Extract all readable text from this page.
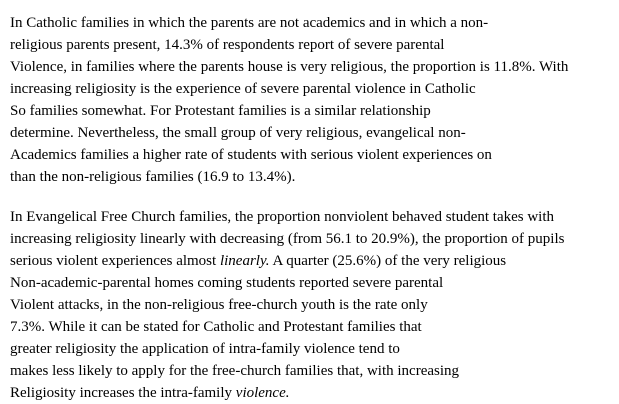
In Catholic families in which the parents are not academics and in which a non-
religious parents present, 14.3% of respondents report of severe parental
Violence, in families where the parents house is very religious, the proportion is 11.8%. With
increasing religiosity is the experience of severe parental violence in Catholic
So families somewhat. For Protestant families is a similar relationship
determine. Nevertheless, the small group of very religious, evangelical non-
Academics families a higher rate of students with serious violent experiences on
than the non-religious families (16.9 to 13.4%).

In Evangelical Free Church families, the proportion nonviolent behaved student takes with
increasing religiosity linearly with decreasing (from 56.1 to 20.9%), the proportion of pupils
serious violent experiences almost linearly. A quarter (25.6%) of the very religious
Non-academic-parental homes coming students reported severe parental
Violent attacks, in the non-religious free-church youth is the rate only
7.3%. While it can be stated for Catholic and Protestant families that
greater religiosity the application of intra-family violence tend to
makes less likely to apply for the free-church families that, with increasing
Religiosity increases the intra-family violence.
